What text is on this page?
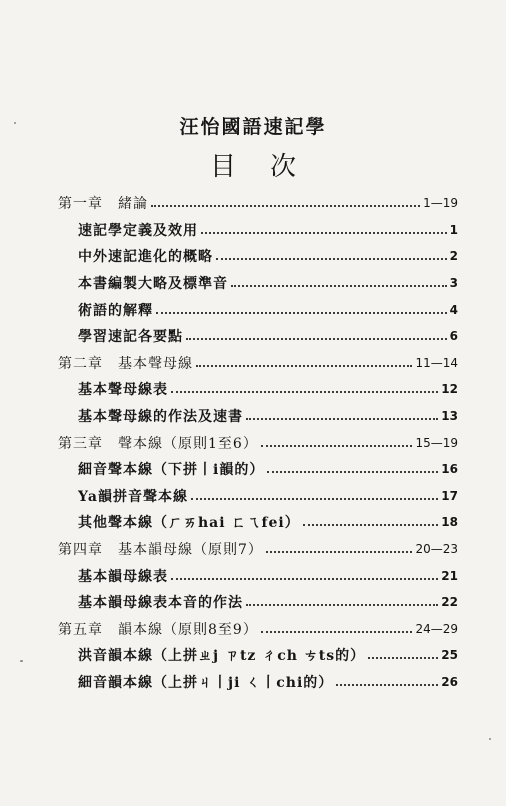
汪怡國語速記學
目次
第一章　緒論	1—19
速記學定義及效用	1
中外速記進化的概略	2
本書編製大略及標準音	3
術語的解釋	4
學習速記各要點	6
第二章　基本聲母線	11—14
基本聲母線表	12
基本聲母線的作法及速書	13
第三章　聲本線（原則1至6）	15—19
細音聲本線（下拼丨i韻的）	16
Ya韻拼音聲本線	17
其他聲本線（ㄏㄞhai ㄈㄟfei）	18
第四章　基本韻母線（原則7）	20—23
基本韻母線表	21
基本韻母線表本音的作法	22
第五章　韻本線（原則8至9）	24—29
洪音韻本線（上拼ㄓj ㄗtz ㄔch ㄘts的）	25
細音韻本線（上拼ㄐ丨ji ㄑ丨chi的）	26
